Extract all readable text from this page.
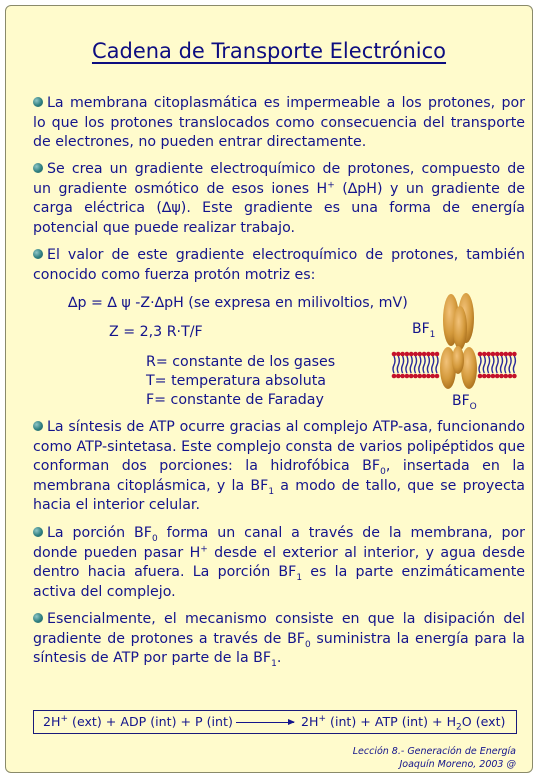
Cadena de Transporte Electrónico
La membrana citoplasmática es impermeable a los protones, por lo que los protones translocados como consecuencia del transporte de electrones, no pueden entrar directamente.
Se crea un gradiente electroquímico de protones, compuesto de un gradiente osmótico de esos iones H+ (∆pH) y un gradiente de carga eléctrica (∆ψ). Este gradiente es una forma de energía potencial que puede realizar trabajo.
El valor de este gradiente electroquímico de protones, también conocido como fuerza protón motriz es:
∆p = ∆ ψ -Z·∆pH (se expresa en milivoltios, mV)
Z = 2,3 R·T/F
R= constante de los gases
T= temperatura absoluta
F= constante de Faraday
$BF_1$
$BF_O$
La síntesis de ATP ocurre gracias al complejo ATP-asa, funcionando como ATP-sintetasa. Este complejo consta de varios polipéptidos que conforman dos porciones: la hidrofóbica $BF_0$, insertada en la membrana citoplásmica, y la $BF_1$ a modo de tallo, que se proyecta hacia el interior celular.
La porción $BF_0$ forma un canal a través de la membrana, por donde pueden pasar H+ desde el exterior al interior, y agua desde dentro hacia afuera. La porción $BF_1$ es la parte enzimáticamente activa del complejo.
Esencialmente, el mecanismo consiste en que la disipación del gradiente de protones a través de $BF_0$ suministra la energía para la síntesis de ATP por parte de la $BF_1$.
2H+ (ext) + ADP (int) + P (int)	2H+ (int) + ATP $(int) + H_2O$ (ext)
Lección 8.- Generación de Energía
Joaquín Moreno, 2003 @
